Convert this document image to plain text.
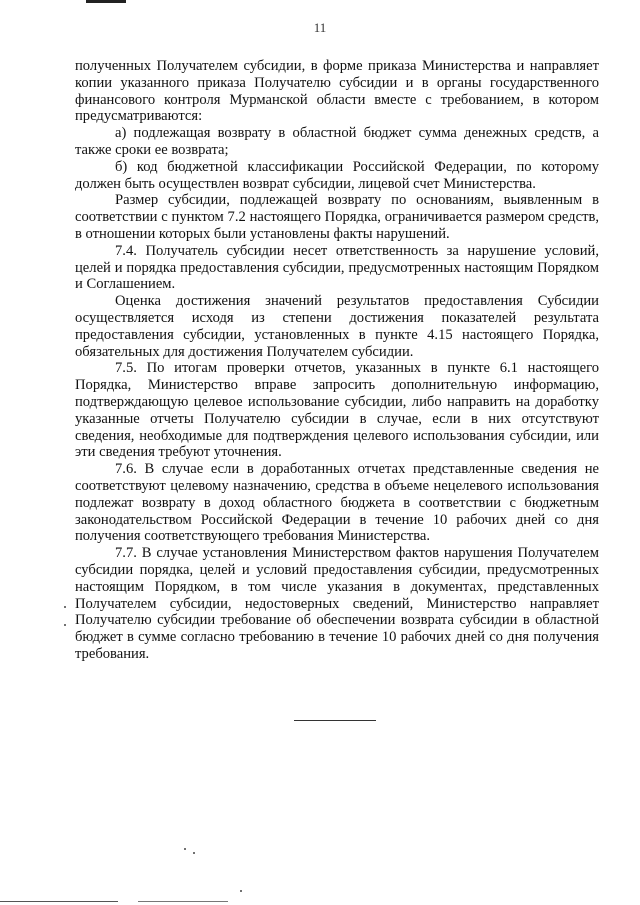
11

полученных Получателем субсидии, в форме приказа Министерства и направляет копии указанного приказа Получателю субсидии и в органы государственного финансового контроля Мурманской области вместе с требованием, в котором предусматриваются:

а) подлежащая возврату в областной бюджет сумма денежных средств, а также сроки ее возврата;

б) код бюджетной классификации Российской Федерации, по которому должен быть осуществлен возврат субсидии, лицевой счет Министерства.

Размер субсидии, подлежащей возврату по основаниям, выявленным в соответствии с пунктом 7.2 настоящего Порядка, ограничивается размером средств, в отношении которых были установлены факты нарушений.

7.4. Получатель субсидии несет ответственность за нарушение условий, целей и порядка предоставления субсидии, предусмотренных настоящим Порядком и Соглашением.

Оценка достижения значений результатов предоставления Субсидии осуществляется исходя из степени достижения показателей результата предоставления субсидии, установленных в пункте 4.15 настоящего Порядка, обязательных для достижения Получателем субсидии.

7.5. По итогам проверки отчетов, указанных в пункте 6.1 настоящего Порядка, Министерство вправе запросить дополнительную информацию, подтверждающую целевое использование субсидии, либо направить на доработку указанные отчеты Получателю субсидии в случае, если в них отсутствуют сведения, необходимые для подтверждения целевого использования субсидии, или эти сведения требуют уточнения.

7.6. В случае если в доработанных отчетах представленные сведения не соответствуют целевому назначению, средства в объеме нецелевого использования подлежат возврату в доход областного бюджета в соответствии с бюджетным законодательством Российской Федерации в течение 10 рабочих дней со дня получения соответствующего требования Министерства.

7.7. В случае установления Министерством фактов нарушения Получателем субсидии порядка, целей и условий предоставления субсидии, предусмотренных настоящим Порядком, в том числе указания в документах, представленных Получателем субсидии, недостоверных сведений, Министерство направляет Получателю субсидии требование об обеспечении возврата субсидии в областной бюджет в сумме согласно требованию в течение 10 рабочих дней со дня получения требования.
